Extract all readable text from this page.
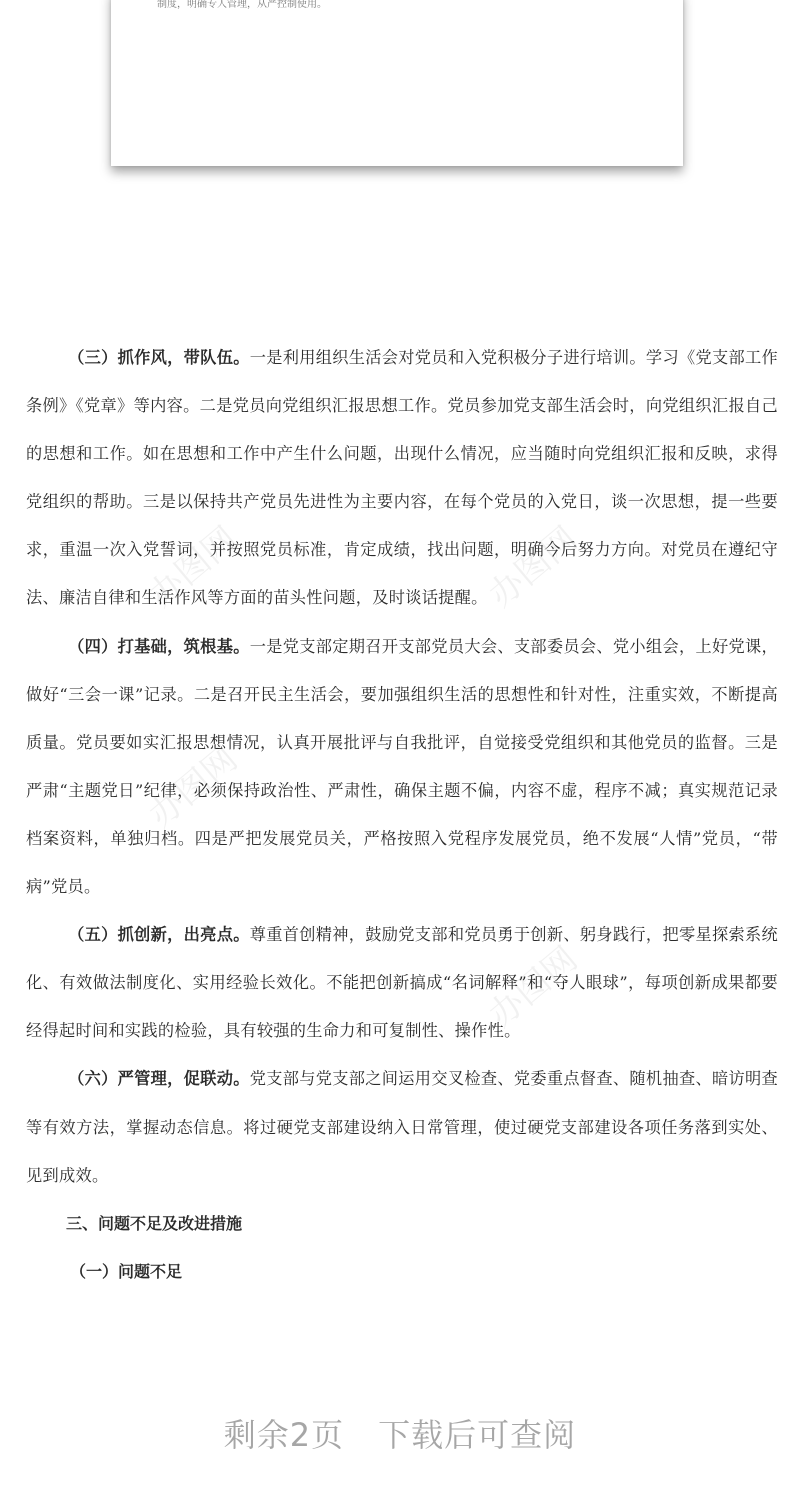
制度，明确专人管理，从严控制使用。
办图网	办图网
办图网
办图网

（三）抓作风，带队伍。一是利用组织生活会对党员和入党积极分子进行培训。学习《党支部工作条例》《党章》等内容。二是党员向党组织汇报思想工作。党员参加党支部生活会时，向党组织汇报自己的思想和工作。如在思想和工作中产生什么问题，出现什么情况，应当随时向党组织汇报和反映，求得党组织的帮助。三是以保持共产党员先进性为主要内容，在每个党员的入党日，谈一次思想，提一些要求，重温一次入党誓词，并按照党员标准，肯定成绩，找出问题，明确今后努力方向。对党员在遵纪守法、廉洁自律和生活作风等方面的苗头性问题，及时谈话提醒。

（四）打基础，筑根基。一是党支部定期召开支部党员大会、支部委员会、党小组会，上好党课，做好“三会一课”记录。二是召开民主生活会，要加强组织生活的思想性和针对性，注重实效，不断提高质量。党员要如实汇报思想情况，认真开展批评与自我批评，自觉接受党组织和其他党员的监督。三是严肃“主题党日”纪律，必须保持政治性、严肃性，确保主题不偏，内容不虚，程序不减；真实规范记录档案资料，单独归档。四是严把发展党员关，严格按照入党程序发展党员，绝不发展“人情”党员，“带病”党员。

（五）抓创新，出亮点。尊重首创精神，鼓励党支部和党员勇于创新、躬身践行，把零星探索系统化、有效做法制度化、实用经验长效化。不能把创新搞成“名词解释”和“夺人眼球”，每项创新成果都要经得起时间和实践的检验，具有较强的生命力和可复制性、操作性。

（六）严管理，促联动。党支部与党支部之间运用交叉检查、党委重点督查、随机抽查、暗访明查等有效方法，掌握动态信息。将过硬党支部建设纳入日常管理，使过硬党支部建设各项任务落到实处、见到成效。

三、问题不足及改进措施

（一）问题不足

剩余2页 下载后可查阅
